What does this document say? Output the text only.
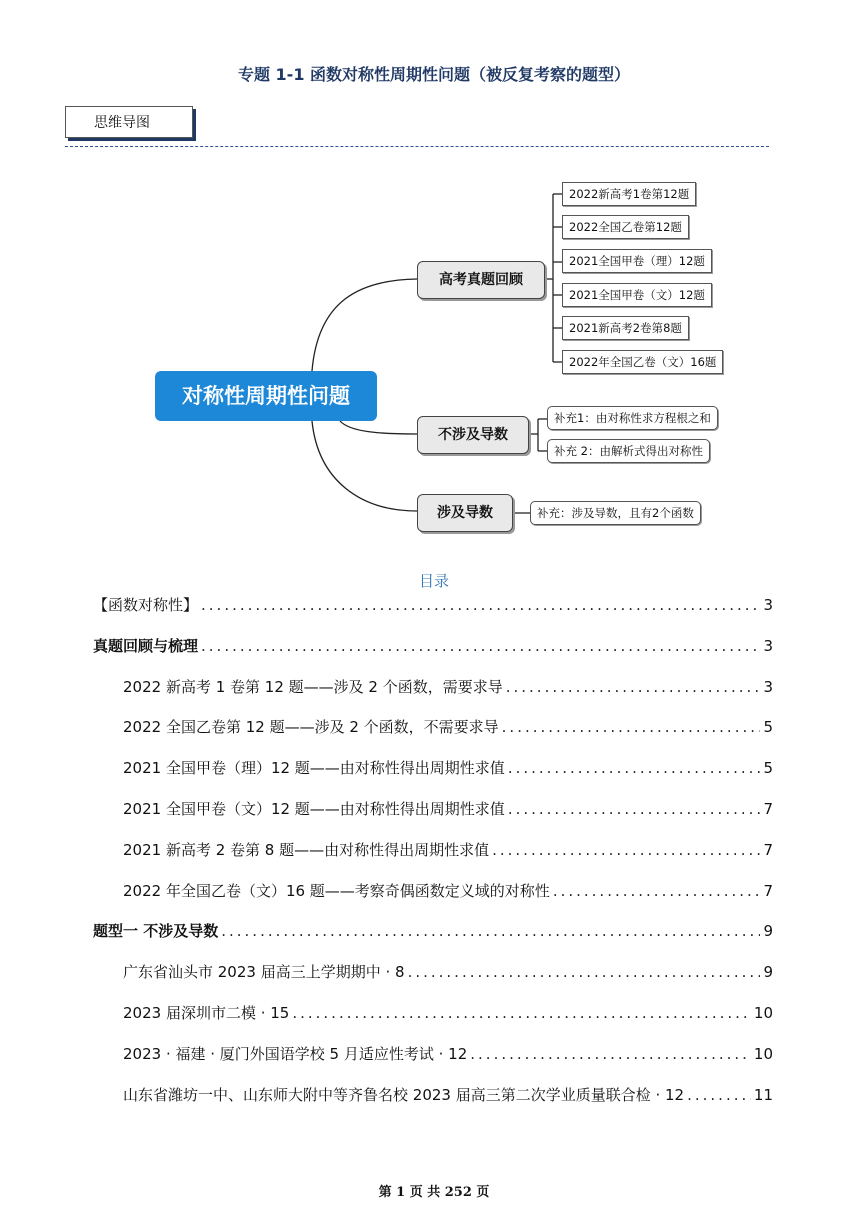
专题 1-1 函数对称性周期性问题（被反复考察的题型）
思维导图
对称性周期性问题
高考真题回顾
不涉及导数
涉及导数
2022新高考1卷第12题
2022全国乙卷第12题
2021全国甲卷（理）12题
2021全国甲卷（文）12题
2021新高考2卷第8题
2022年全国乙卷（文）16题
补充1：由对称性求方程根之和
补充 2：由解析式得出对称性
补充：涉及导数，且有2个函数
目录
【函数对称性】 .....	3
真题回顾与梳理 .....	3
2022 新高考 1 卷第 12 题——涉及 2 个函数，需要求导 .....	3
2022 全国乙卷第 12 题——涉及 2 个函数，不需要求导 .....	5
2021 全国甲卷（理）12 题——由对称性得出周期性求值 .....	5
2021 全国甲卷（文）12 题——由对称性得出周期性求值 .....	7
2021 新高考 2 卷第 8 题——由对称性得出周期性求值 .....	7
2022 年全国乙卷（文）16 题——考察奇偶函数定义域的对称性 .....	7
题型一 不涉及导数 .....	9
广东省汕头市 2023 届高三上学期期中 · 8 .....	9
2023 届深圳市二模 · 15 .....	10
2023 · 福建 · 厦门外国语学校 5 月适应性考试 · 12 .....	10
山东省潍坊一中、山东师大附中等齐鲁名校 2023 届高三第二次学业质量联合检 · 12 .....	11
第 1 页 共 252 页
